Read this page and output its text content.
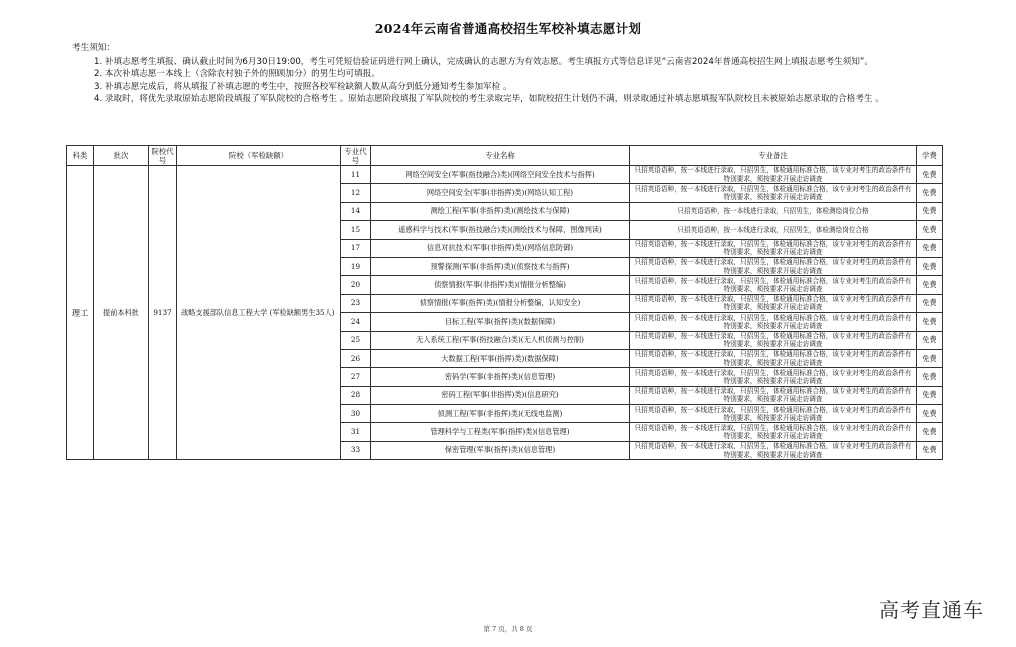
2024年云南省普通高校招生军校补填志愿计划
考生须知：
1. 补填志愿考生填报、确认截止时间为6月30日19:00，考生可凭短信验证码进行网上确认，完成确认的志愿方为有效志愿。考生填报方式等信息详见“云南省2024年普通高校招生网上填报志愿考生须知”。
2. 本次补填志愿一本线上（含除农村独子外的照顾加分）的男生均可填报。
3. 补填志愿完成后，将从填报了补填志愿的考生中，按照各校军检缺额人数从高分到低分通知考生参加军检 。
4. 录取时，将优先录取原始志愿阶段填报了军队院校的合格考生 。原始志愿阶段填报了军队院校的考生录取完毕，如院校招生计划仍不满，则录取通过补填志愿填报军队院校且未被原始志愿录取的合格考生 。
科类	批次	院校代号	院校（军检缺额）	专业代号	专业名称	专业备注	学费
理工	提前本科批	9137	战略支援部队信息工程大学 (军检缺额男生35人)	11	网络空间安全(军事(指技融合)类)(网络空间安全技术与指挥)	只招英语语种，按一本线进行录取，只招男生，体检通用标准合格，该专业对考生的政治条件有特别要求，须按要求开展走访调查	免费
				12	网络空间安全(军事(非指挥)类)(网络认知工程)	只招英语语种，按一本线进行录取，只招男生，体检通用标准合格，该专业对考生的政治条件有特别要求，须按要求开展走访调查	免费
				14	测绘工程(军事(非指挥)类)(测绘技术与保障)	只招英语语种，按一本线进行录取，只招男生，体检测绘岗位合格	免费
				15	遥感科学与技术(军事(指技融合)类)(测绘技术与保障，图像判读)	只招英语语种，按一本线进行录取，只招男生，体检测绘岗位合格	免费
				17	信息对抗技术(军事(非指挥)类)(网络信息防御)	只招英语语种，按一本线进行录取，只招男生，体检通用标准合格，该专业对考生的政治条件有特别要求，须按要求开展走访调查	免费
				19	预警探测(军事(非指挥)类)(侦察技术与指挥)	只招英语语种，按一本线进行录取，只招男生，体检通用标准合格，该专业对考生的政治条件有特别要求，须按要求开展走访调查	免费
				20	侦察情报(军事(非指挥)类)(情报分析整编)	只招英语语种，按一本线进行录取，只招男生，体检通用标准合格，该专业对考生的政治条件有特别要求，须按要求开展走访调查	免费
				23	侦察情报(军事(指挥)类)(情报分析整编，认知安全)	只招英语语种，按一本线进行录取，只招男生，体检通用标准合格，该专业对考生的政治条件有特别要求，须按要求开展走访调查	免费
				24	目标工程(军事(指挥)类)(数据保障)	只招英语语种，按一本线进行录取，只招男生，体检通用标准合格，该专业对考生的政治条件有特别要求，须按要求开展走访调查	免费
				25	无人系统工程(军事(指技融合)类)(无人机侦测与控制)	只招英语语种，按一本线进行录取，只招男生，体检通用标准合格，该专业对考生的政治条件有特别要求，须按要求开展走访调查	免费
				26	大数据工程(军事(指挥)类)(数据保障)	只招英语语种，按一本线进行录取，只招男生，体检通用标准合格，该专业对考生的政治条件有特别要求，须按要求开展走访调查	免费
				27	密码学(军事(非指挥)类)(信息管理)	只招英语语种，按一本线进行录取，只招男生，体检通用标准合格，该专业对考生的政治条件有特别要求，须按要求开展走访调查	免费
				28	密码工程(军事(非指挥)类)(信息研究)	只招英语语种，按一本线进行录取，只招男生，体检通用标准合格，该专业对考生的政治条件有特别要求，须按要求开展走访调查	免费
				30	侦测工程(军事(非指挥)类)(无线电监测)	只招英语语种，按一本线进行录取，只招男生，体检通用标准合格，该专业对考生的政治条件有特别要求，须按要求开展走访调查	免费
				31	管理科学与工程类(军事(指挥)类)(信息管理)	只招英语语种，按一本线进行录取，只招男生，体检通用标准合格，该专业对考生的政治条件有特别要求，须按要求开展走访调查	免费
				33	保密管理(军事(指挥)类)(信息管理)	只招英语语种，按一本线进行录取，只招男生，体检通用标准合格，该专业对考生的政治条件有特别要求，须按要求开展走访调查	免费
高考直通车
第 7 页，共 8 页
